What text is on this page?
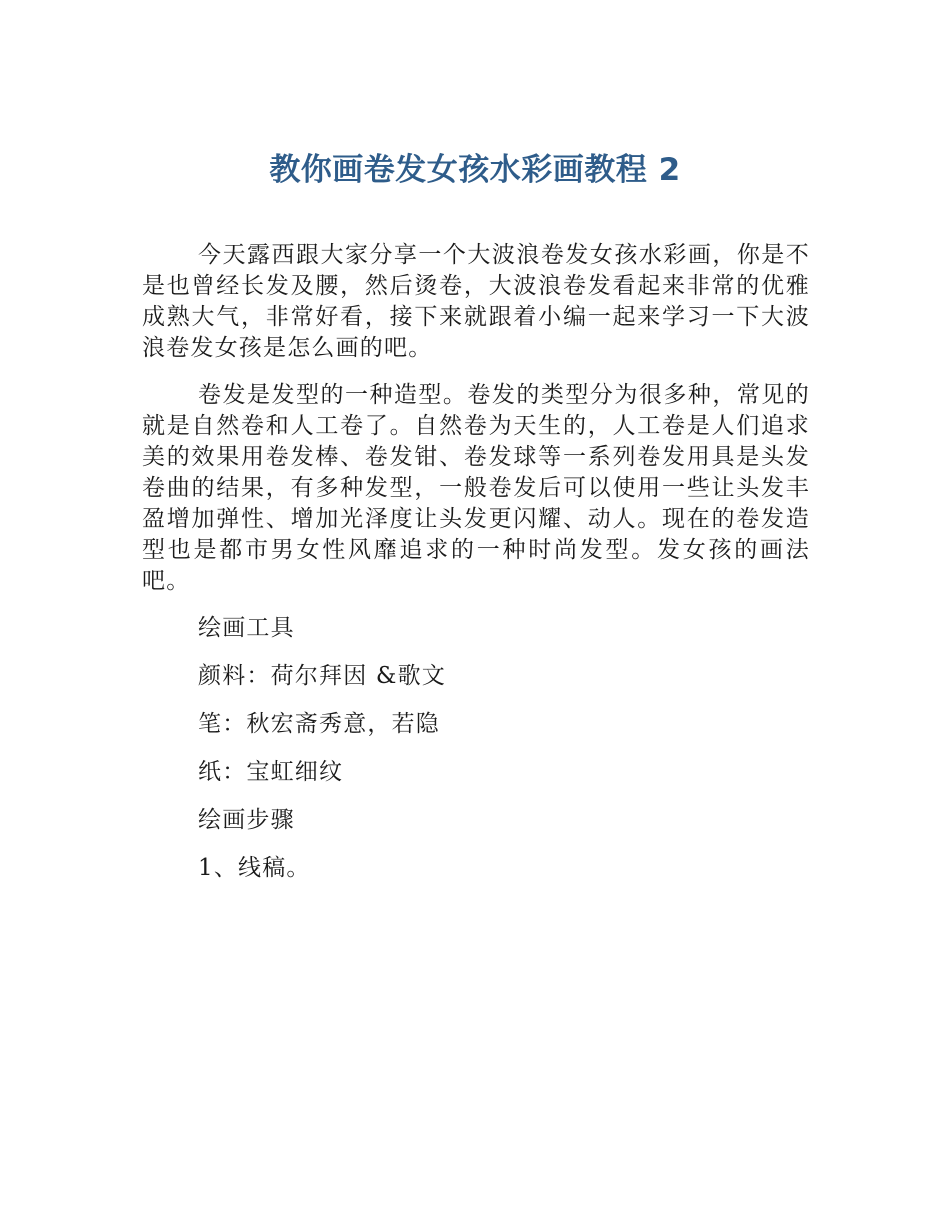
教你画卷发女孩水彩画教程 2

今天露西跟大家分享一个大波浪卷发女孩水彩画，你是不是也曾经长发及腰，然后烫卷，大波浪卷发看起来非常的优雅成熟大气，非常好看，接下来就跟着小编一起来学习一下大波浪卷发女孩是怎么画的吧。

卷发是发型的一种造型。卷发的类型分为很多种，常见的就是自然卷和人工卷了。自然卷为天生的，人工卷是人们追求美的效果用卷发棒、卷发钳、卷发球等一系列卷发用具是头发卷曲的结果，有多种发型，一般卷发后可以使用一些让头发丰盈增加弹性、增加光泽度让头发更闪耀、动人。现在的卷发造型也是都市男女性风靡追求的一种时尚发型。发女孩的画法吧。

绘画工具
颜料：荷尔拜因 &歌文
笔：秋宏斋秀意，若隐
纸：宝虹细纹
绘画步骤
1、线稿。
